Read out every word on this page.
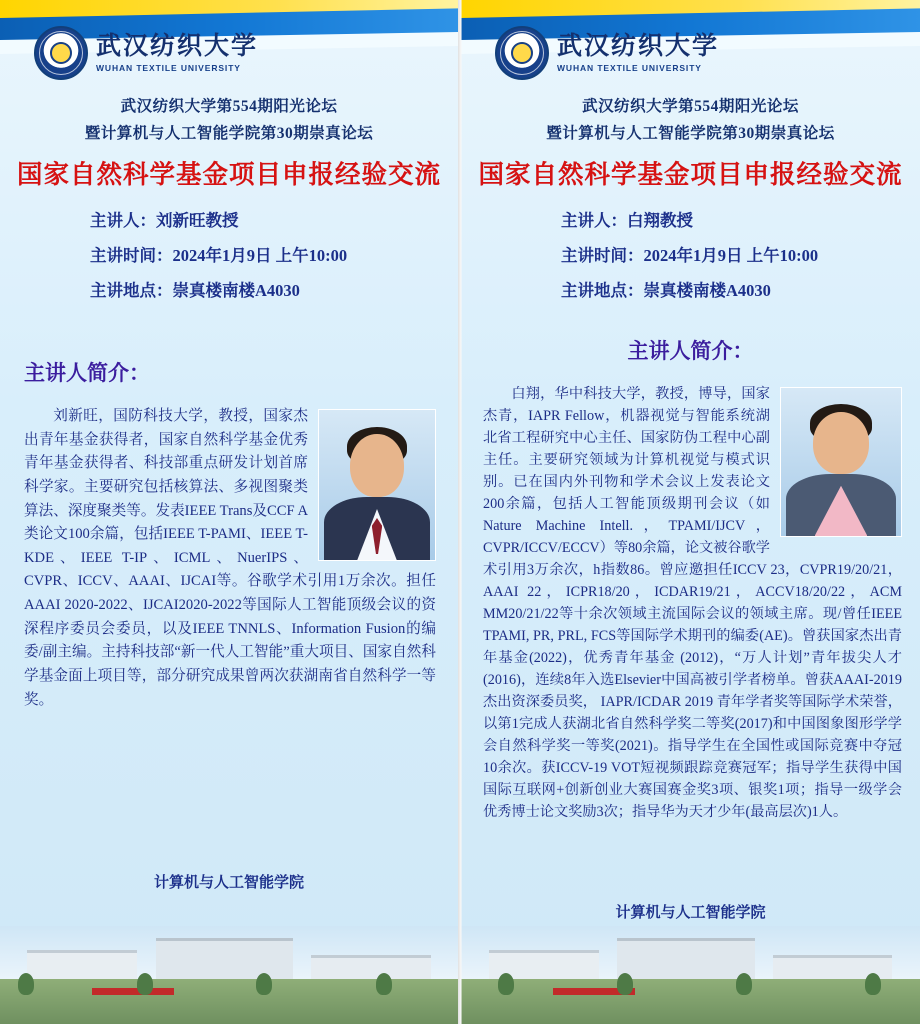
武汉纺织大学
WUHAN TEXTILE UNIVERSITY
武汉纺织大学第554期阳光论坛
暨计算机与人工智能学院第30期崇真论坛
国家自然科学基金项目申报经验交流
主讲人： 刘新旺教授
主讲时间： 2024年1月9日 上午10:00
主讲地点： 崇真楼南楼A4030
主讲人简介：
刘新旺，国防科技大学，教授，国家杰出青年基金获得者，国家自然科学基金优秀青年基金获得者、科技部重点研发计划首席科学家。主要研究包括核算法、多视图聚类算法、深度聚类等。发表IEEE Trans及CCF A类论文100余篇，包括IEEE T-PAMI、IEEE T-KDE、IEEE T-IP、ICML、NuerIPS、CVPR、ICCV、AAAI、IJCAI等。谷歌学术引用1万余次。担任AAAI 2020-2022、IJCAI2020-2022等国际人工智能顶级会议的资深程序委员会委员，以及IEEE TNNLS、Information Fusion的编委/副主编。主持科技部“新一代人工智能”重大项目、国家自然科学基金面上项目等，部分研究成果曾两次获湖南省自然科学一等奖。
计算机与人工智能学院
武汉纺织大学
WUHAN TEXTILE UNIVERSITY
武汉纺织大学第554期阳光论坛
暨计算机与人工智能学院第30期崇真论坛
国家自然科学基金项目申报经验交流
主讲人： 白翔教授
主讲时间： 2024年1月9日 上午10:00
主讲地点： 崇真楼南楼A4030
主讲人简介：
白翔，华中科技大学，教授，博导，国家杰青，IAPR Fellow，机器视觉与智能系统湖北省工程研究中心主任、国家防伪工程中心副主任。主要研究领域为计算机视觉与模式识别。已在国内外刊物和学术会议上发表论文200余篇，包括人工智能顶级期刊会议（如Nature Machine Intell.，TPAMI/IJCV，CVPR/ICCV/ECCV）等80余篇，论文被谷歌学术引用3万余次，h指数86。曾应邀担任ICCV 23，CVPR19/20/21，AAAI 22，ICPR18/20，ICDAR19/21，ACCV18/20/22，ACM MM20/21/22等十余次领域主流国际会议的领域主席。现/曾任IEEE TPAMI, PR, PRL, FCS等国际学术期刊的编委(AE)。曾获国家杰出青年基金(2022)，优秀青年基金 (2012)，“万人计划”青年拔尖人才 (2016)，连续8年入选Elsevier中国高被引学者榜单。曾获AAAI-2019杰出资深委员奖， IAPR/ICDAR 2019 青年学者奖等国际学术荣誉，以第1完成人获湖北省自然科学奖二等奖(2017)和中国图象图形学学会自然科学奖一等奖(2021)。指导学生在全国性或国际竞赛中夺冠10余次。获ICCV-19 VOT短视频跟踪竞赛冠军；指导学生获得中国国际互联网+创新创业大赛国赛金奖3项、银奖1项；指导一级学会优秀博士论文奖励3次；指导华为天才少年(最高层次)1人。
计算机与人工智能学院
